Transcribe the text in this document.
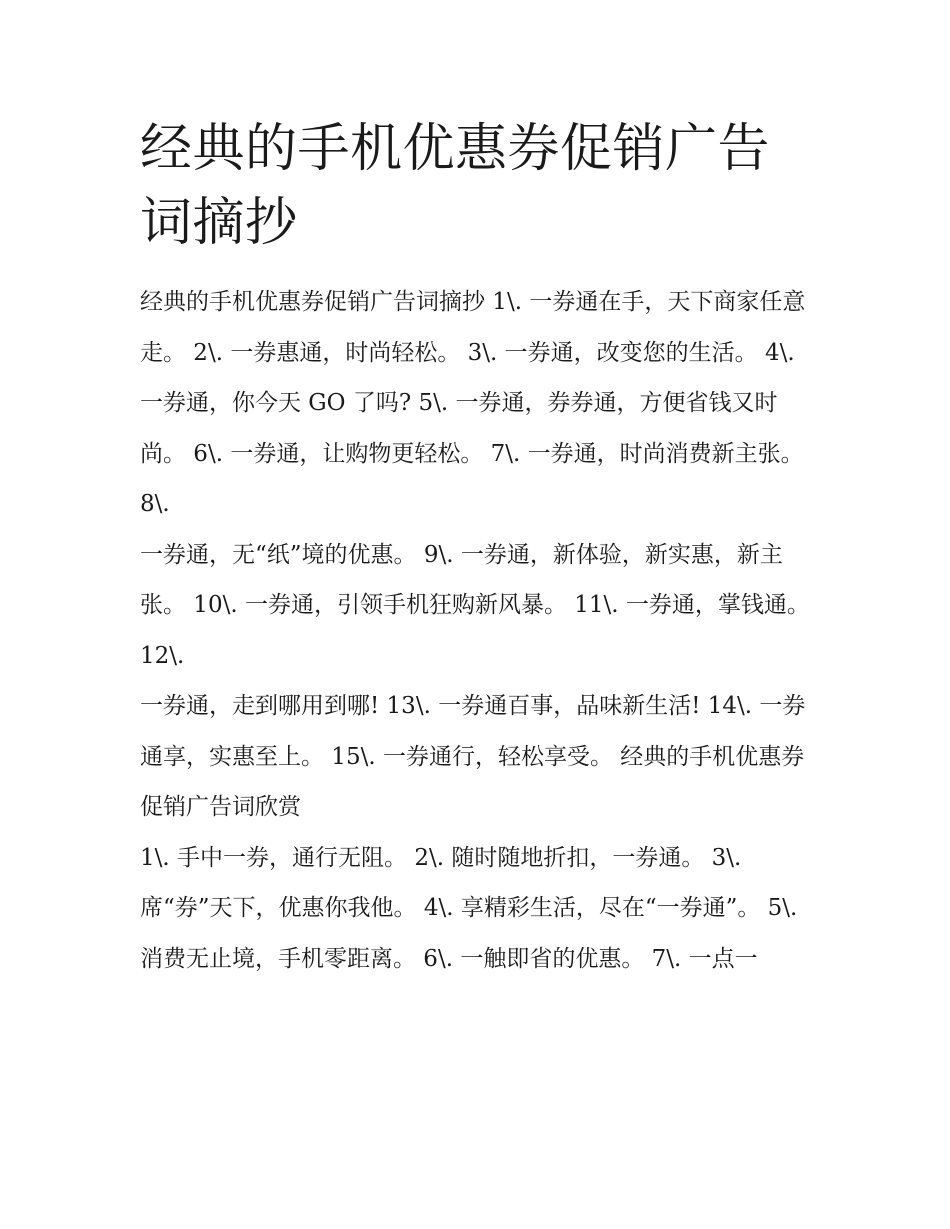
经典的手机优惠券促销广告词摘抄

经典的手机优惠券促销广告词摘抄 1\. 一券通在手，天下商家任意走。 2\. 一券惠通，时尚轻松。 3\. 一券通，改变您的生活。 4\.

一券通，你今天 GO 了吗? 5\. 一券通，券券通，方便省钱又时尚。 6\. 一券通，让购物更轻松。 7\. 一券通，时尚消费新主张。 8\.

一券通，无“纸”境的优惠。 9\. 一券通，新体验，新实惠，新主张。 10\. 一券通，引领手机狂购新风暴。 11\. 一券通，掌钱通。 12\.

一券通，走到哪用到哪! 13\. 一券通百事，品味新生活! 14\. 一券通享，实惠至上。 15\. 一券通行，轻松享受。 经典的手机优惠券促销广告词欣赏

1\. 手中一券，通行无阻。 2\. 随时随地折扣，一券通。 3\.

席“券”天下，优惠你我他。 4\. 享精彩生活，尽在“一券通”。 5\.

消费无止境，手机零距离。 6\. 一触即省的优惠。 7\. 一点一
